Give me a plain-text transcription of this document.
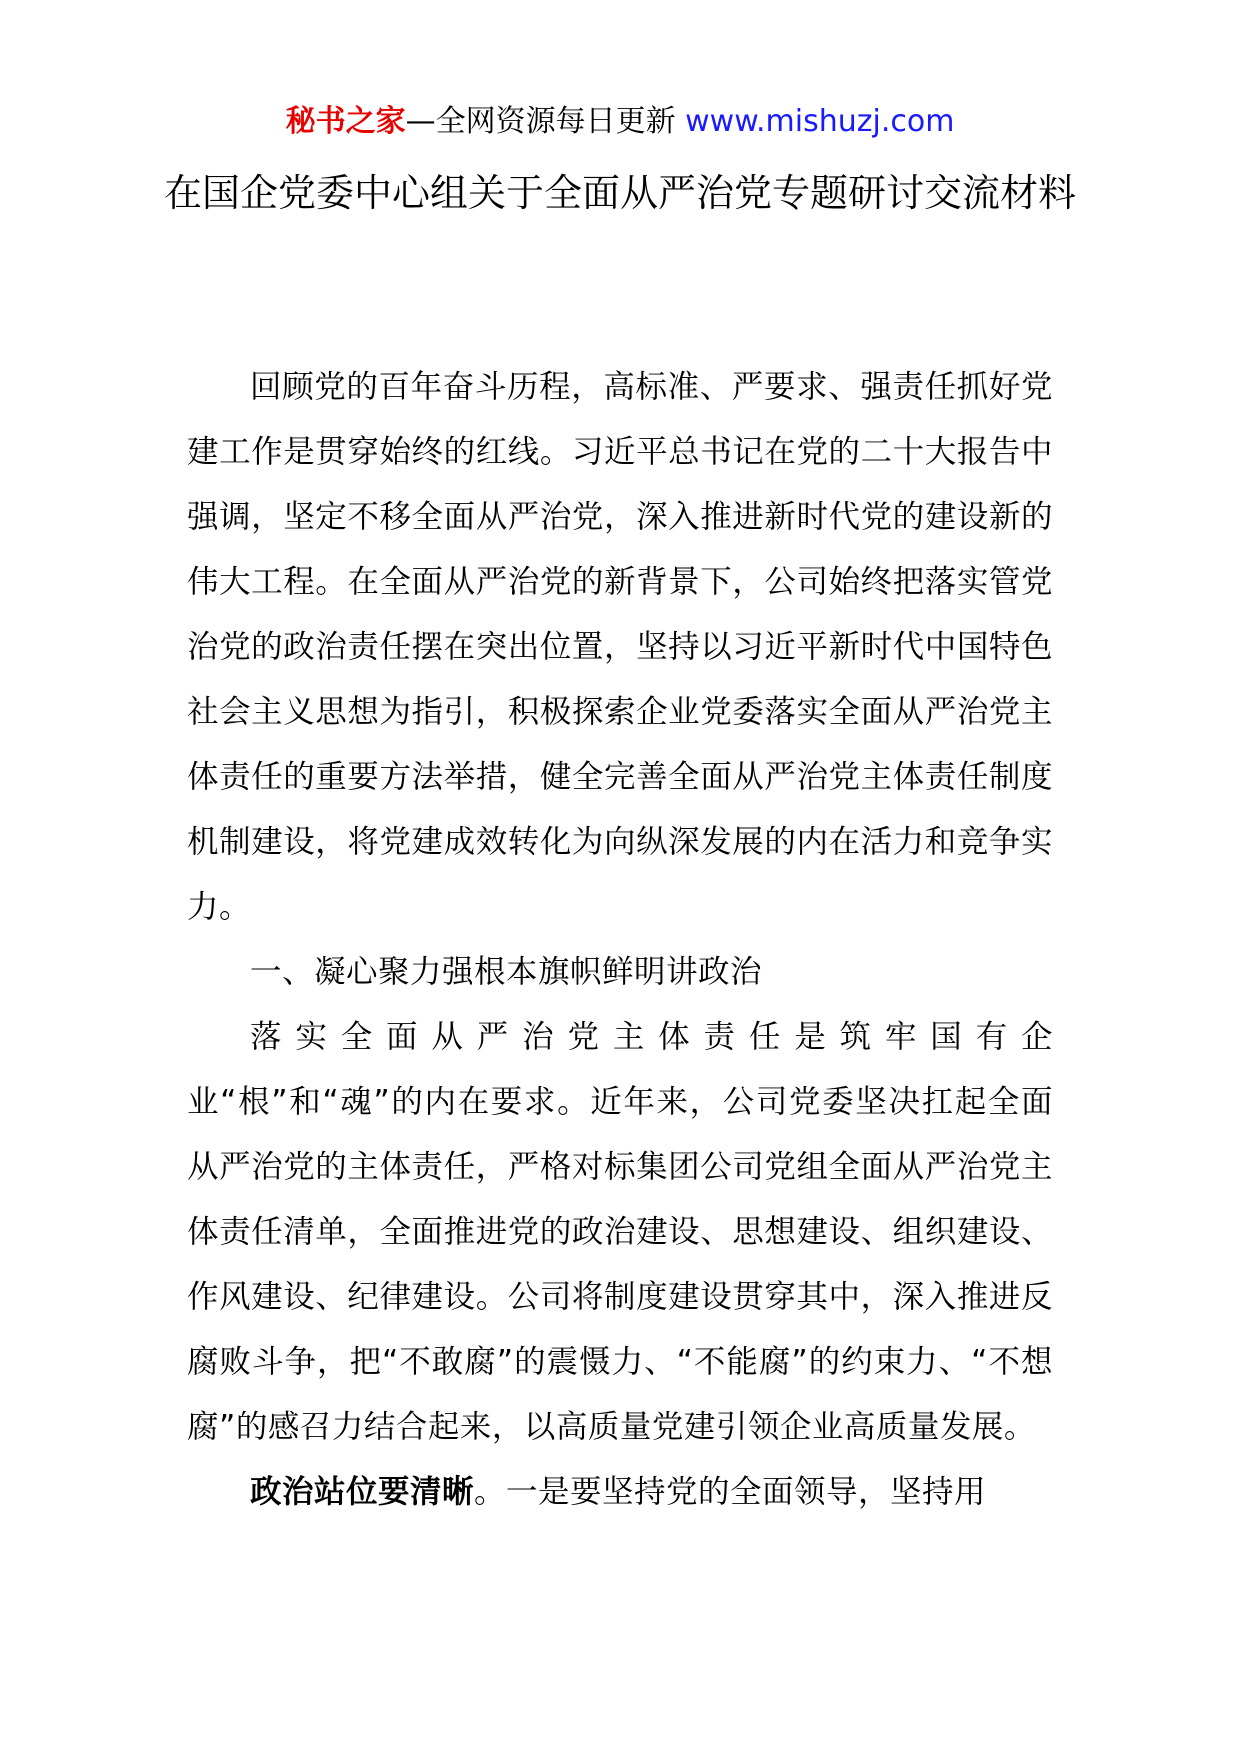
秘书之家—全网资源每日更新 www.mishuzj.com
在国企党委中心组关于全面从严治党专题研讨交流材料

回顾党的百年奋斗历程，高标准、严要求、强责任抓好党建工作是贯穿始终的红线。习近平总书记在党的二十大报告中强调，坚定不移全面从严治党，深入推进新时代党的建设新的伟大工程。在全面从严治党的新背景下，公司始终把落实管党治党的政治责任摆在突出位置，坚持以习近平新时代中国特色社会主义思想为指引，积极探索企业党委落实全面从严治党主体责任的重要方法举措，健全完善全面从严治党主体责任制度机制建设，将党建成效转化为向纵深发展的内在活力和竞争实力。

一、凝心聚力强根本旗帜鲜明讲政治

落实全面从严治党主体责任是筑牢国有企业“根”和“魂”的内在要求。近年来，公司党委坚决扛起全面从严治党的主体责任，严格对标集团公司党组全面从严治党主体责任清单，全面推进党的政治建设、思想建设、组织建设、作风建设、纪律建设。公司将制度建设贯穿其中，深入推进反腐败斗争，把“不敢腐”的震慑力、“不能腐”的约束力、“不想腐”的感召力结合起来，以高质量党建引领企业高质量发展。

政治站位要清晰。一是要坚持党的全面领导，坚持用
